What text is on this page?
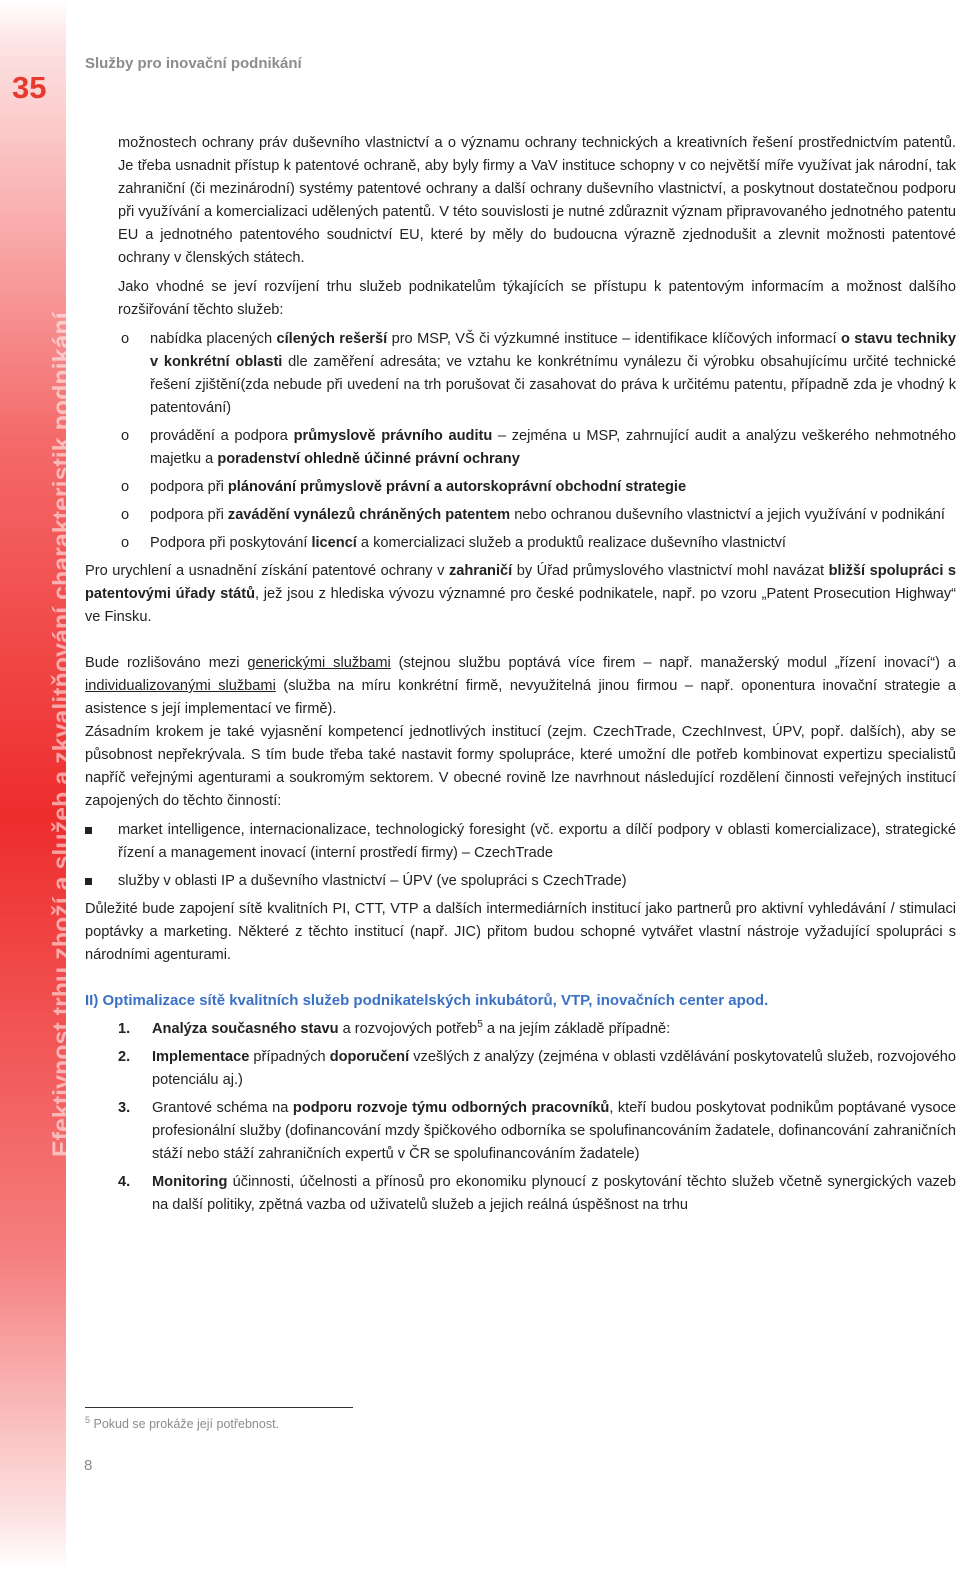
35
Efektivnost trhu zboží a služeb a zkvalitňování charakteristik podnikání
Služby pro inovační podnikání

možnostech ochrany práv duševního vlastnictví a o významu ochrany technických a kreativních řešení prostřednictvím patentů. Je třeba usnadnit přístup k patentové ochraně, aby byly firmy a VaV instituce schopny v co největší míře využívat jak národní, tak zahraniční (či mezinárodní) systémy patentové ochrany a další ochrany duševního vlastnictví, a poskytnout dostatečnou podporu při využívání a komercializaci udělených patentů. V této souvislosti je nutné zdůraznit význam připravovaného jednotného patentu EU a jednotného patentového soudnictví EU, které by měly do budoucna výrazně zjednodušit a zlevnit možnosti patentové ochrany v členských státech.

Jako vhodné se jeví rozvíjení trhu služeb podnikatelům týkajících se přístupu k patentovým informacím a možnost dalšího rozšiřování těchto služeb:

o nabídka placených cílených rešerší pro MSP, VŠ či výzkumné instituce – identifikace klíčových informací o stavu techniky v konkrétní oblasti dle zaměření adresáta; ve vztahu ke konkrétnímu vynálezu či výrobku obsahujícímu určité technické řešení zjištění(zda nebude při uvedení na trh porušovat či zasahovat do práva k určitému patentu, případně zda je vhodný k patentování)
o provádění a podpora průmyslově právního auditu – zejména u MSP, zahrnující audit a analýzu veškerého nehmotného majetku a poradenství ohledně účinné právní ochrany
o podpora při plánování průmyslově právní a autorskoprávní obchodní strategie
o podpora při zavádění vynálezů chráněných patentem nebo ochranou duševního vlastnictví a jejich využívání v podnikání
o Podpora při poskytování licencí a komercializaci služeb a produktů realizace duševního vlastnictví

Pro urychlení a usnadnění získání patentové ochrany v zahraničí by Úřad průmyslového vlastnictví mohl navázat bližší spolupráci s patentovými úřady států, jež jsou z hlediska vývozu významné pro české podnikatele, např. po vzoru „Patent Prosecution Highway“ ve Finsku.

Bude rozlišováno mezi generickými službami (stejnou službu poptává více firem – např. manažerský modul „řízení inovací“) a individualizovanými službami (služba na míru konkrétní firmě, nevyužitelná jinou firmou – např. oponentura inovační strategie a asistence s její implementací ve firmě).

Zásadním krokem je také vyjasnění kompetencí jednotlivých institucí (zejm. CzechTrade, CzechInvest, ÚPV, popř. dalších), aby se působnost nepřekrývala. S tím bude třeba také nastavit formy spolupráce, které umožní dle potřeb kombinovat expertizu specialistů napříč veřejnými agenturami a soukromým sektorem. V obecné rovině lze navrhnout následující rozdělení činnosti veřejných institucí zapojených do těchto činností:

market intelligence, internacionalizace, technologický foresight (vč. exportu a dílčí podpory v oblasti komercializace), strategické řízení a management inovací (interní prostředí firmy) – CzechTrade
služby v oblasti IP a duševního vlastnictví – ÚPV (ve spolupráci s CzechTrade)

Důležité bude zapojení sítě kvalitních PI, CTT, VTP a dalších intermediárních institucí jako partnerů pro aktivní vyhledávání / stimulaci poptávky a marketing. Některé z těchto institucí (např. JIC) přitom budou schopné vytvářet vlastní nástroje vyžadující spolupráci s národními agenturami.

II) Optimalizace sítě kvalitních služeb podnikatelských inkubátorů, VTP, inovačních center apod.
1. Analýza současného stavu a rozvojových potřeb$^5$ a na jejím základě případně:
2. Implementace případných doporučení vzešlých z analýzy (zejména v oblasti vzdělávání poskytovatelů služeb, rozvojového potenciálu aj.)
3. Grantové schéma na podporu rozvoje týmu odborných pracovníků, kteří budou poskytovat podnikům poptávané vysoce profesionální služby (dofinancování mzdy špičkového odborníka se spolufinancováním žadatele, dofinancování zahraničních stáží nebo stáží zahraničních expertů v ČR se spolufinancováním žadatele)
4. Monitoring účinnosti, účelnosti a přínosů pro ekonomiku plynoucí z poskytování těchto služeb včetně synergických vazeb na další politiky, zpětná vazba od uživatelů služeb a jejich reálná úspěšnost na trhu
$^5$ Pokud se prokáže její potřebnost.
8
